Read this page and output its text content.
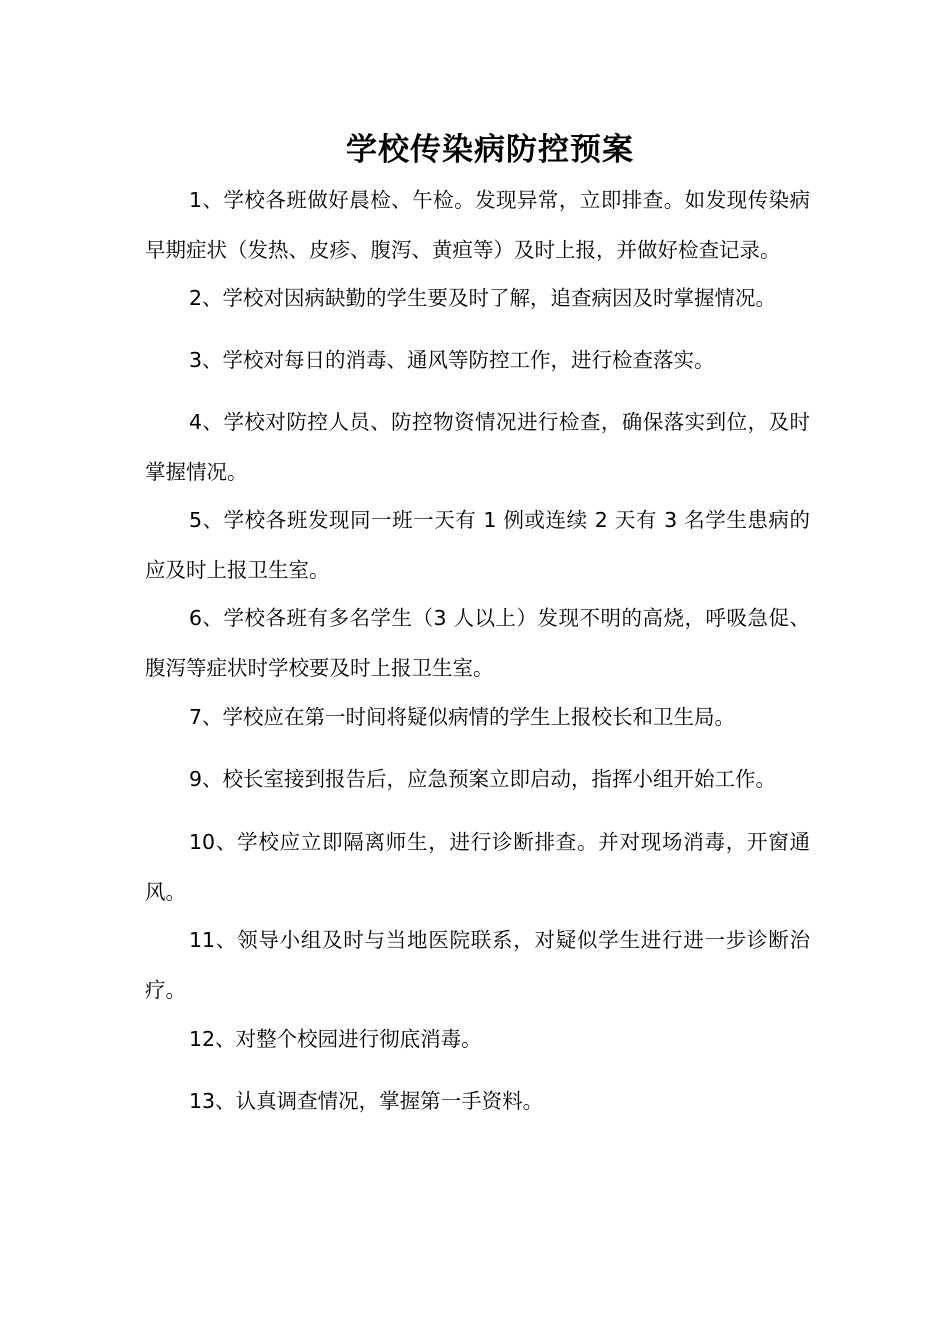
学校传染病防控预案

1、学校各班做好晨检、午检。发现异常，立即排查。如发现传染病早期症状（发热、皮疹、腹泻、黄疸等）及时上报，并做好检查记录。

2、学校对因病缺勤的学生要及时了解，追查病因及时掌握情况。

3、学校对每日的消毒、通风等防控工作，进行检查落实。

4、学校对防控人员、防控物资情况进行检查，确保落实到位，及时掌握情况。

5、学校各班发现同一班一天有 1 例或连续 2 天有 3 名学生患病的应及时上报卫生室。

6、学校各班有多名学生（3 人以上）发现不明的高烧，呼吸急促、腹泻等症状时学校要及时上报卫生室。

7、学校应在第一时间将疑似病情的学生上报校长和卫生局。

9、校长室接到报告后，应急预案立即启动，指挥小组开始工作。

10、学校应立即隔离师生，进行诊断排查。并对现场消毒，开窗通风。

11、领导小组及时与当地医院联系，对疑似学生进行进一步诊断治疗。

12、对整个校园进行彻底消毒。

13、认真调查情况，掌握第一手资料。
